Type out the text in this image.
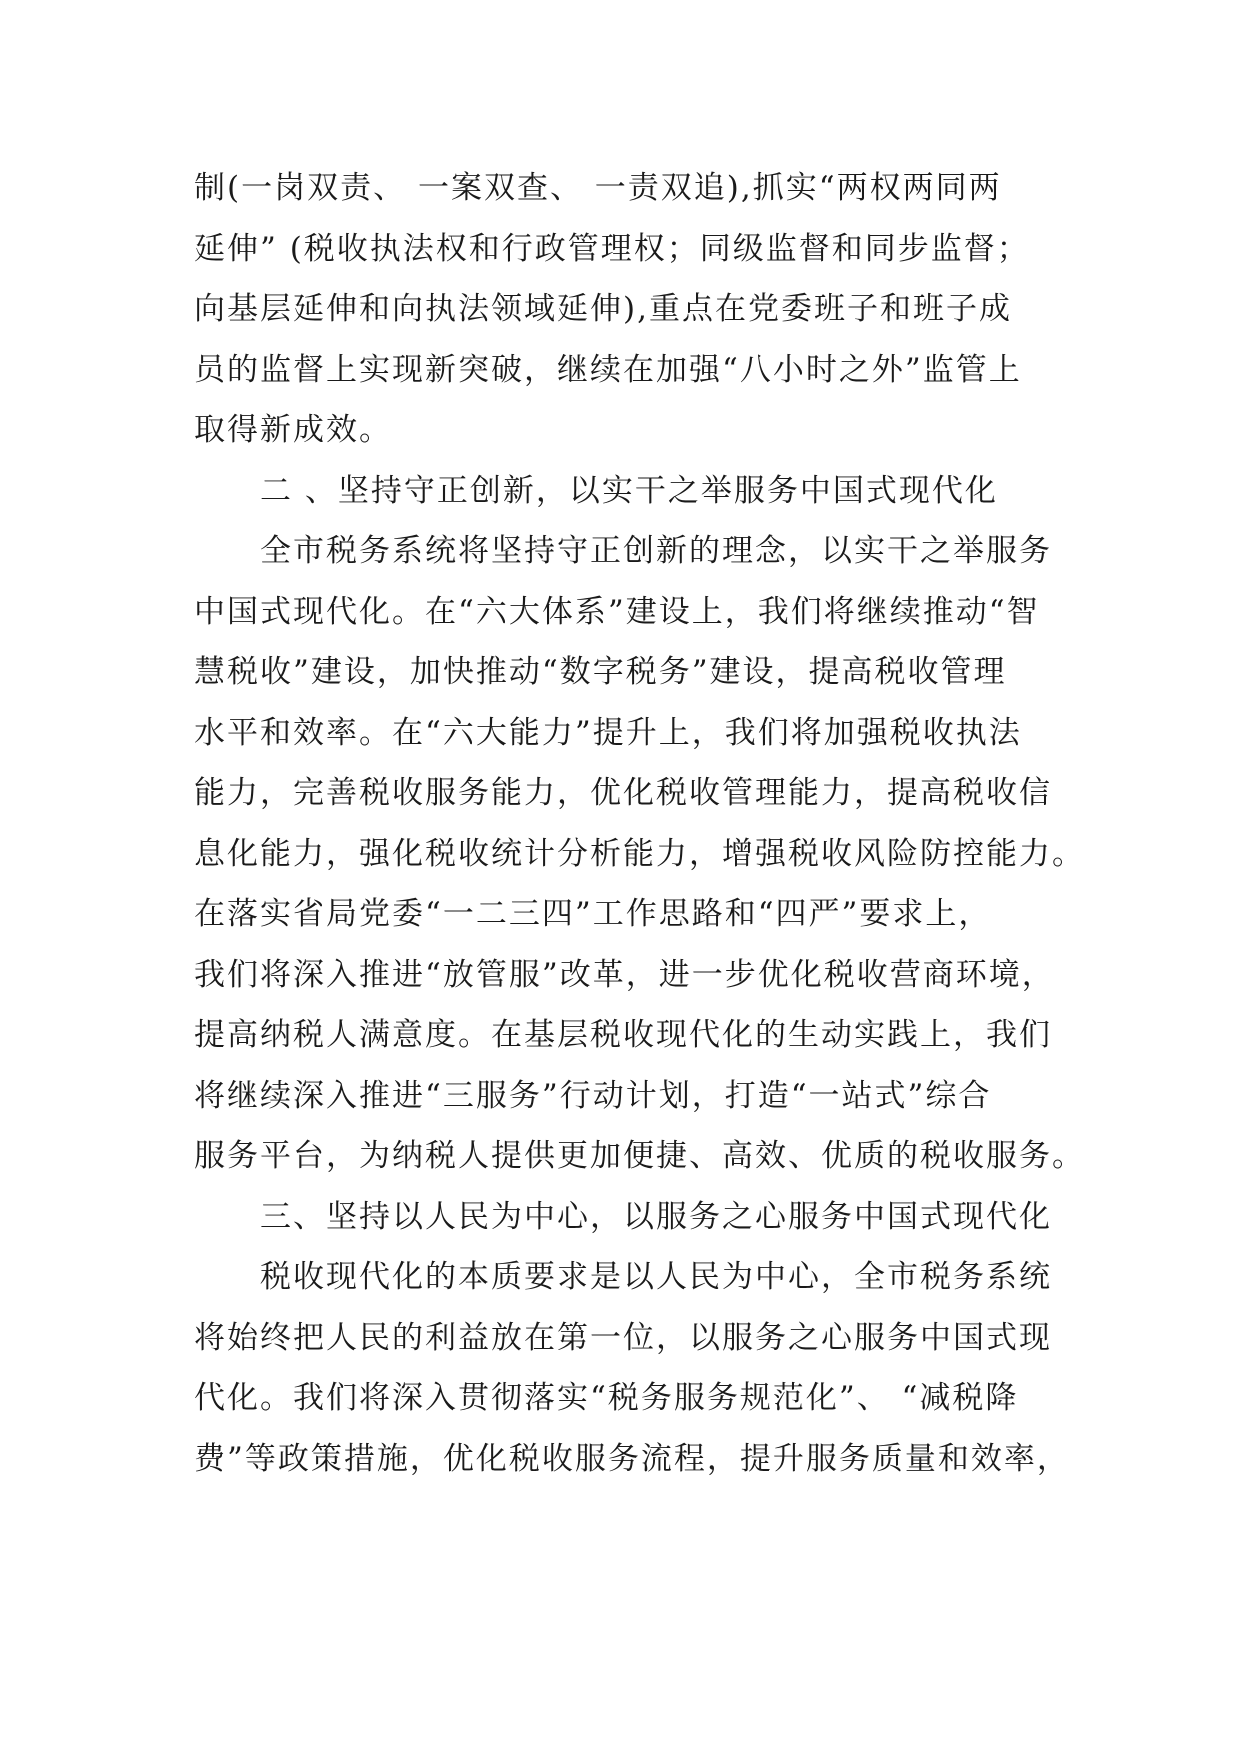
制(一岗双责、 一案双查、 一责双追),抓实“两权两同两
延伸” (税收执法权和行政管理权；同级监督和同步监督；
向基层延伸和向执法领域延伸),重点在党委班子和班子成
员的监督上实现新突破，继续在加强“八小时之外”监管上
取得新成效。
二 、坚持守正创新，以实干之举服务中国式现代化
全市税务系统将坚持守正创新的理念，以实干之举服务
中国式现代化。在“六大体系”建设上，我们将继续推动“智
慧税收”建设，加快推动“数字税务”建设，提高税收管理
水平和效率。在“六大能力”提升上，我们将加强税收执法
能力，完善税收服务能力，优化税收管理能力，提高税收信
息化能力，强化税收统计分析能力，增强税收风险防控能力。
在落实省局党委“一二三四”工作思路和“四严”要求上，
我们将深入推进“放管服”改革，进一步优化税收营商环境，
提高纳税人满意度。在基层税收现代化的生动实践上，我们
将继续深入推进“三服务”行动计划，打造“一站式”综合
服务平台，为纳税人提供更加便捷、高效、优质的税收服务。
三、坚持以人民为中心，以服务之心服务中国式现代化
税收现代化的本质要求是以人民为中心，全市税务系统
将始终把人民的利益放在第一位，以服务之心服务中国式现
代化。我们将深入贯彻落实“税务服务规范化”、 “减税降
费”等政策措施，优化税收服务流程，提升服务质量和效率，
